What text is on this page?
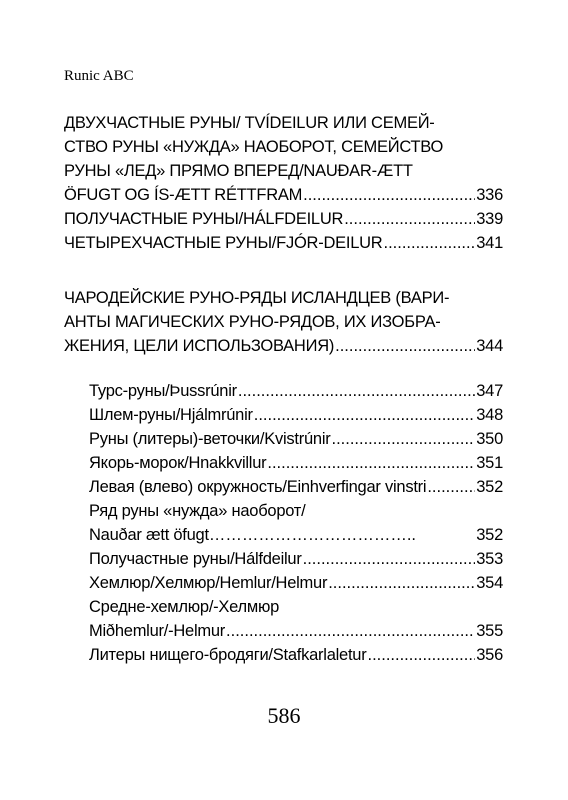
Runic ABC
ДВУХЧАСТНЫЕ РУНЫ/ TVÍDEILUR ИЛИ СЕМЕЙ-
СТВО РУНЫ «НУЖДА» НАОБОРОТ, СЕМЕЙСТВО
РУНЫ «ЛЕД» ПРЯМО ВПЕРЕД/NAUÐAR-ÆTT
ÖFUGT OG ÍS-ÆTT RÉTTFRAM .....	336
ПОЛУЧАСТНЫЕ РУНЫ/HÁLFDEILUR .....	339
ЧЕТЫРЕХЧАСТНЫЕ РУНЫ/FJÓR-DEILUR .....	341
ЧАРОДЕЙСКИЕ РУНО-РЯДЫ ИСЛАНДЦЕВ (ВАРИ-
АНТЫ МАГИЧЕСКИХ РУНО-РЯДОВ, ИХ ИЗОБРА-
ЖЕНИЯ, ЦЕЛИ ИСПОЛЬЗОВАНИЯ) .....	344
Турс-руны/Þussrúnir .....	347
Шлем-руны/Hjálmrúnir .....	348
Руны (литеры)-веточки/Kvistrúnir .....	350
Якорь-морок/Hnakkvillur .....	351
Левая (влево) окружность/Einhverfingar vinstri .....	352
Ряд руны «нужда» наоборот/
Nauðar ætt öfugt ………………………………..	352
Получастные руны/Hálfdeilur .....	353
Хемлюр/Хелмюр/Hemlur/Helmur .....	354
Средне-хемлюр/-Хелмюр
Miðhemlur/-Helmur .....	355
Литеры нищего-бродяги/Stafkarlaletur .....	356
586
